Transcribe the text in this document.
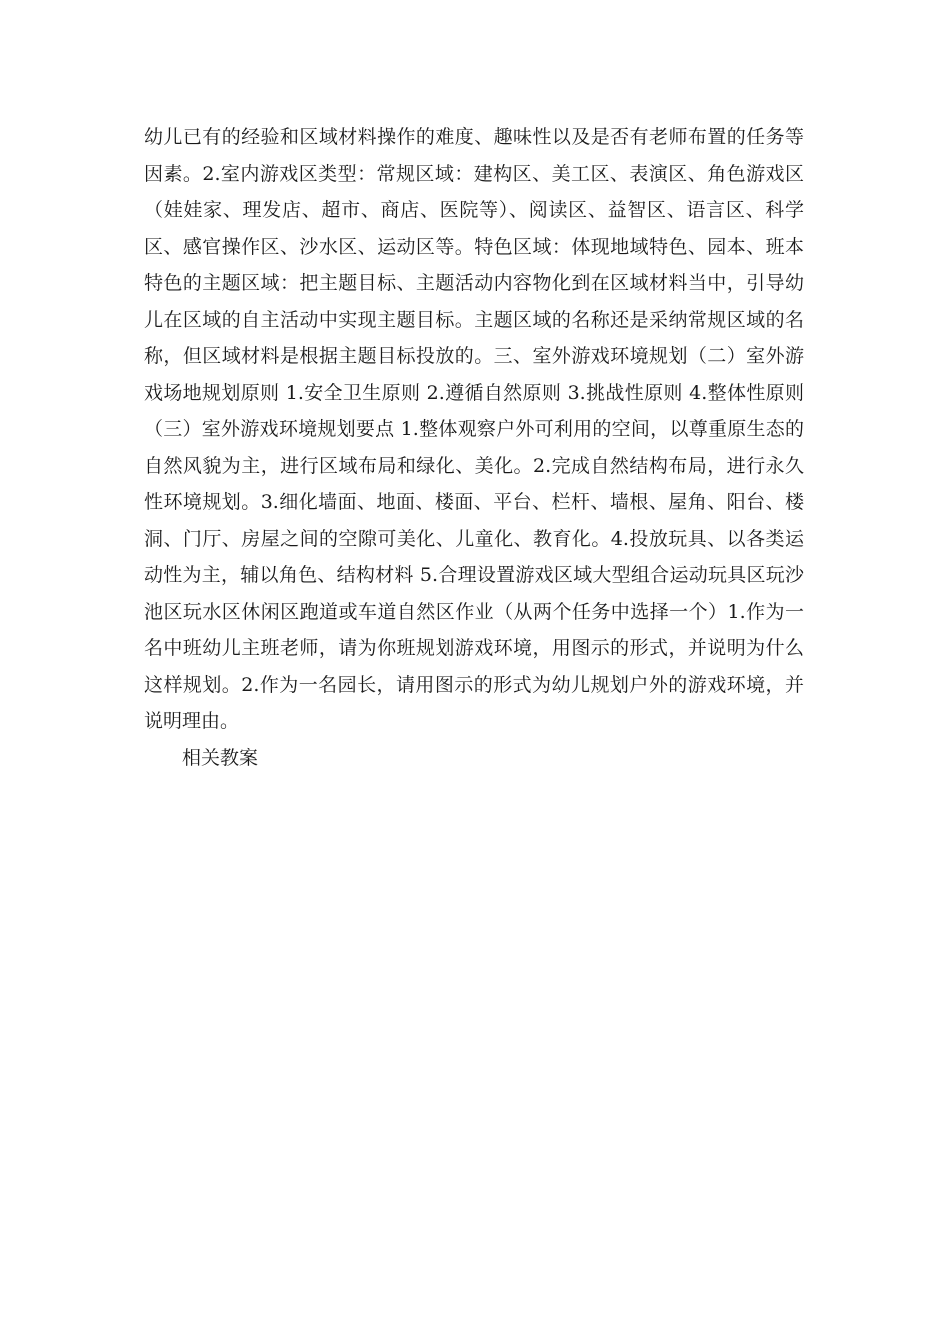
幼儿已有的经验和区域材料操作的难度、趣味性以及是否有老师布置的任务等
因素。2.室内游戏区类型：常规区域：建构区、美工区、表演区、角色游戏区
（娃娃家、理发店、超市、商店、医院等）、阅读区、益智区、语言区、科学
区、感官操作区、沙水区、运动区等。特色区域：体现地域特色、园本、班本
特色的主题区域：把主题目标、主题活动内容物化到在区域材料当中，引导幼
儿在区域的自主活动中实现主题目标。主题区域的名称还是采纳常规区域的名
称，但区域材料是根据主题目标投放的。三、室外游戏环境规划（二）室外游
戏场地规划原则 1.安全卫生原则 2.遵循自然原则 3.挑战性原则 4.整体性原则
（三）室外游戏环境规划要点 1.整体观察户外可利用的空间，以尊重原生态的
自然风貌为主，进行区域布局和绿化、美化。2.完成自然结构布局，进行永久
性环境规划。3.细化墙面、地面、楼面、平台、栏杆、墙根、屋角、阳台、楼
洞、门厅、房屋之间的空隙可美化、儿童化、教育化。4.投放玩具、以各类运
动性为主，辅以角色、结构材料 5.合理设置游戏区域大型组合运动玩具区玩沙
池区玩水区休闲区跑道或车道自然区作业（从两个任务中选择一个）1.作为一
名中班幼儿主班老师，请为你班规划游戏环境，用图示的形式，并说明为什么
这样规划。2.作为一名园长，请用图示的形式为幼儿规划户外的游戏环境，并
说明理由。
相关教案
